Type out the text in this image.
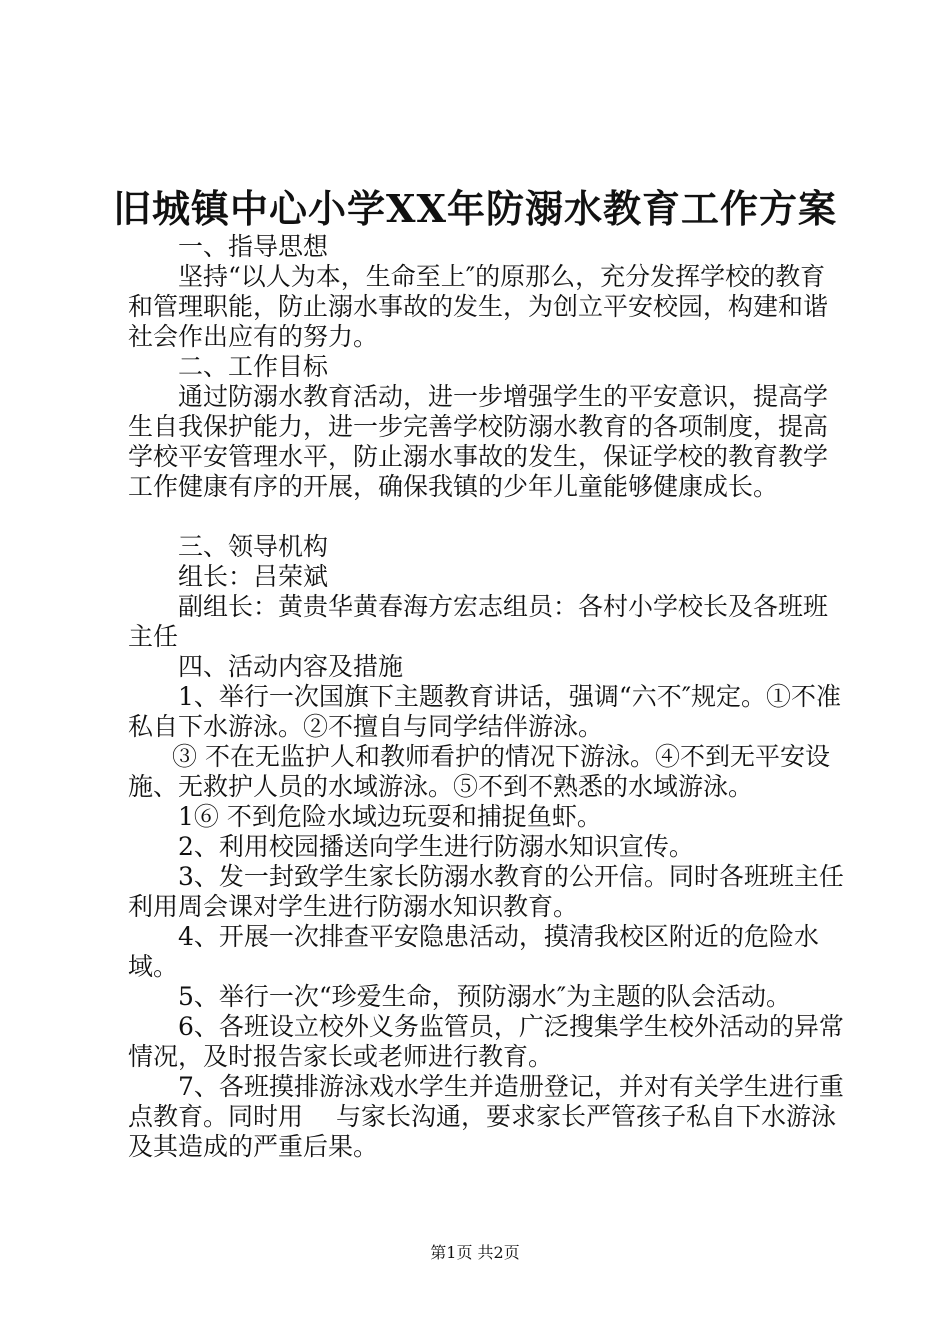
旧城镇中心小学XX年防溺水教育工作方案

一、指导思想

坚持“以人为本，生命至上″的原那么，充分发挥学校的教育和管理职能，防止溺水事故的发生，为创立平安校园，构建和谐社会作出应有的努力。

二、工作目标

通过防溺水教育活动，进一步增强学生的平安意识，提高学生自我保护能力，进一步完善学校防溺水教育的各项制度，提高学校平安管理水平，防止溺水事故的发生，保证学校的教育教学工作健康有序的开展，确保我镇的少年儿童能够健康成长。

三、领导机构

组长：吕荣斌

副组长：黄贵华黄春海方宏志组员：各村小学校长及各班班主任

四、活动内容及措施

1、举行一次国旗下主题教育讲话，强调“六不″规定。①不准私自下水游泳。②不擅自与同学结伴游泳。

③ 不在无监护人和教师看护的情况下游泳。④不到无平安设施、无救护人员的水域游泳。⑤不到不熟悉的水域游泳。

1⑥ 不到危险水域边玩耍和捕捉鱼虾。

2、利用校园播送向学生进行防溺水知识宣传。

3、发一封致学生家长防溺水教育的公开信。同时各班班主任利用周会课对学生进行防溺水知识教育。

4、开展一次排查平安隐患活动，摸清我校区附近的危险水域。

5、举行一次“珍爱生命，预防溺水″为主题的队会活动。

6、各班设立校外义务监管员，广泛搜集学生校外活动的异常情况，及时报告家长或老师进行教育。

7、各班摸排游泳戏水学生并造册登记，并对有关学生进行重点教育。同时用　 与家长沟通，要求家长严管孩子私自下水游泳及其造成的严重后果。

第1页 共2页
